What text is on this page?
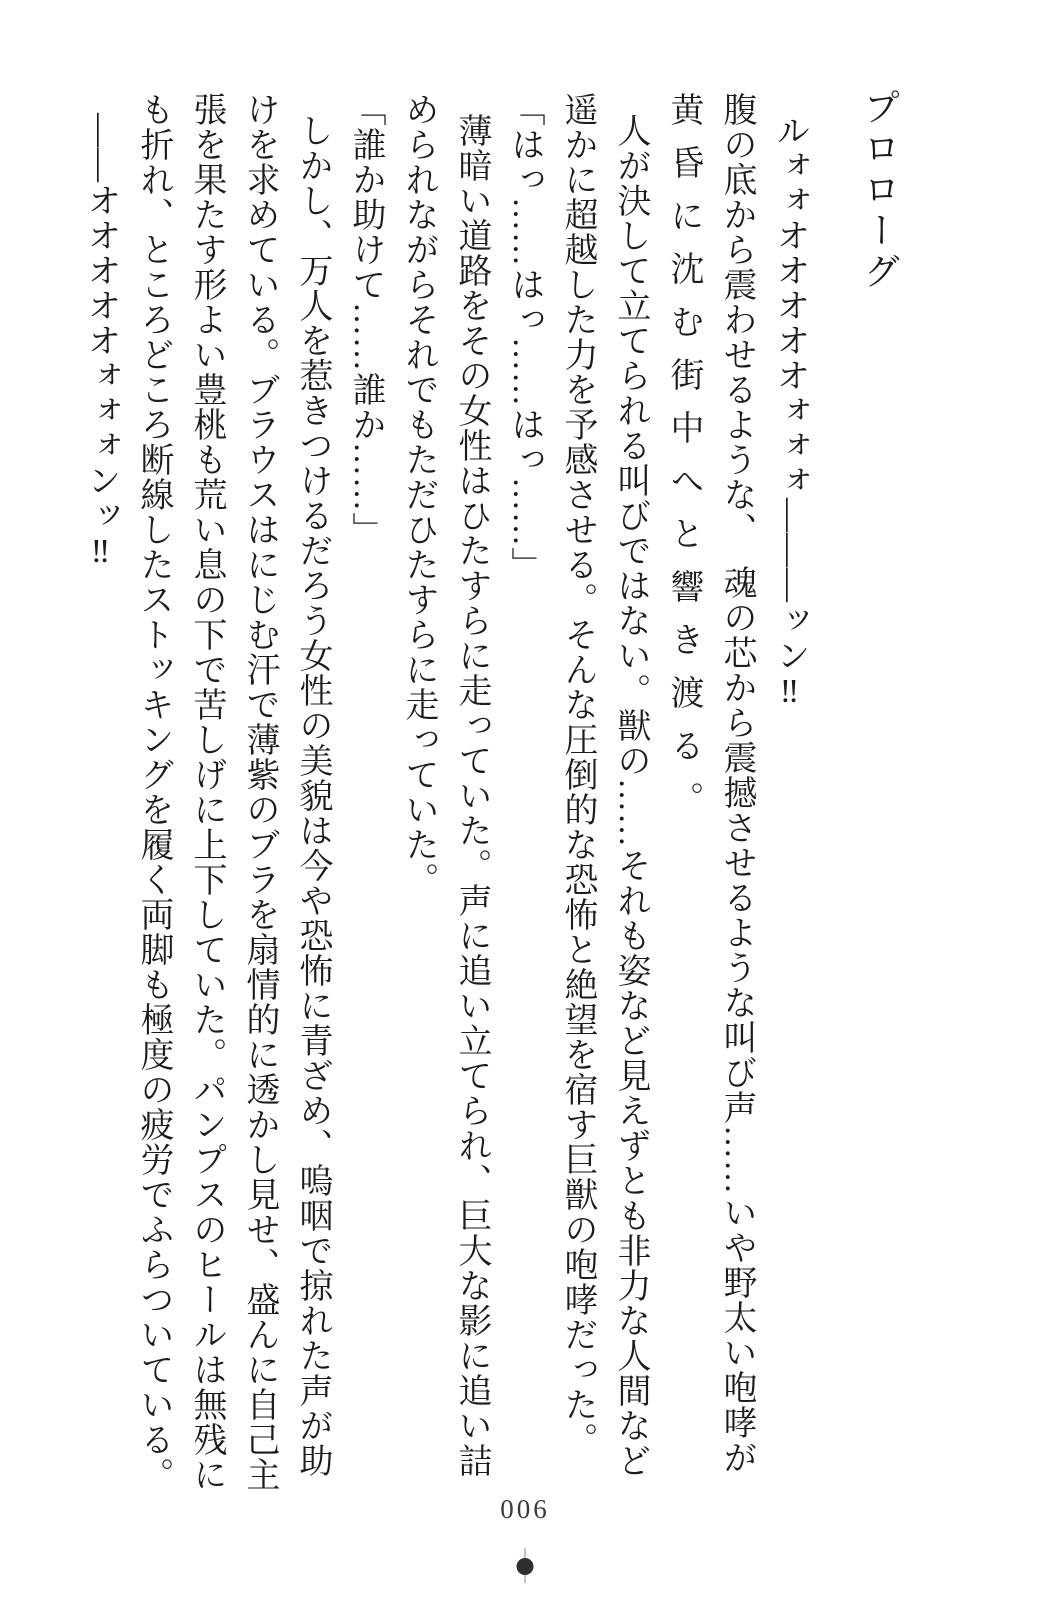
プロローグ

ルォォオオオオオォォォ―――ッン‼

腹の底から震わせるような、　魂の芯から震撼させるような叫び声……いや野太い咆哮が

黄昏に沈む街中へと響き渡る。

人が決して立てられる叫びではない。獣の……それも姿など見えずとも非力な人間など

遥かに超越した力を予感させる。そんな圧倒的な恐怖と絶望を宿す巨獣の咆哮だった。

「はっ……はっ……はっ……」

薄暗い道路をその女性はひたすらに走っていた。声に追い立てられ、巨大な影に追い詰

められながらそれでもただひたすらに走っていた。

「誰か助けて……誰か……」

しかし、万人を惹きつけるだろう女性の美貌は今や恐怖に青ざめ、嗚咽で掠れた声が助

けを求めている。ブラウスはにじむ汗で薄紫のブラを扇情的に透かし見せ、盛んに自己主

張を果たす形よい豊桃も荒い息の下で苦しげに上下していた。パンプスのヒールは無残に

も折れ、ところどころ断線したストッキングを履く両脚も極度の疲労でふらついている。

――オオオオオォォォンッ‼

006
